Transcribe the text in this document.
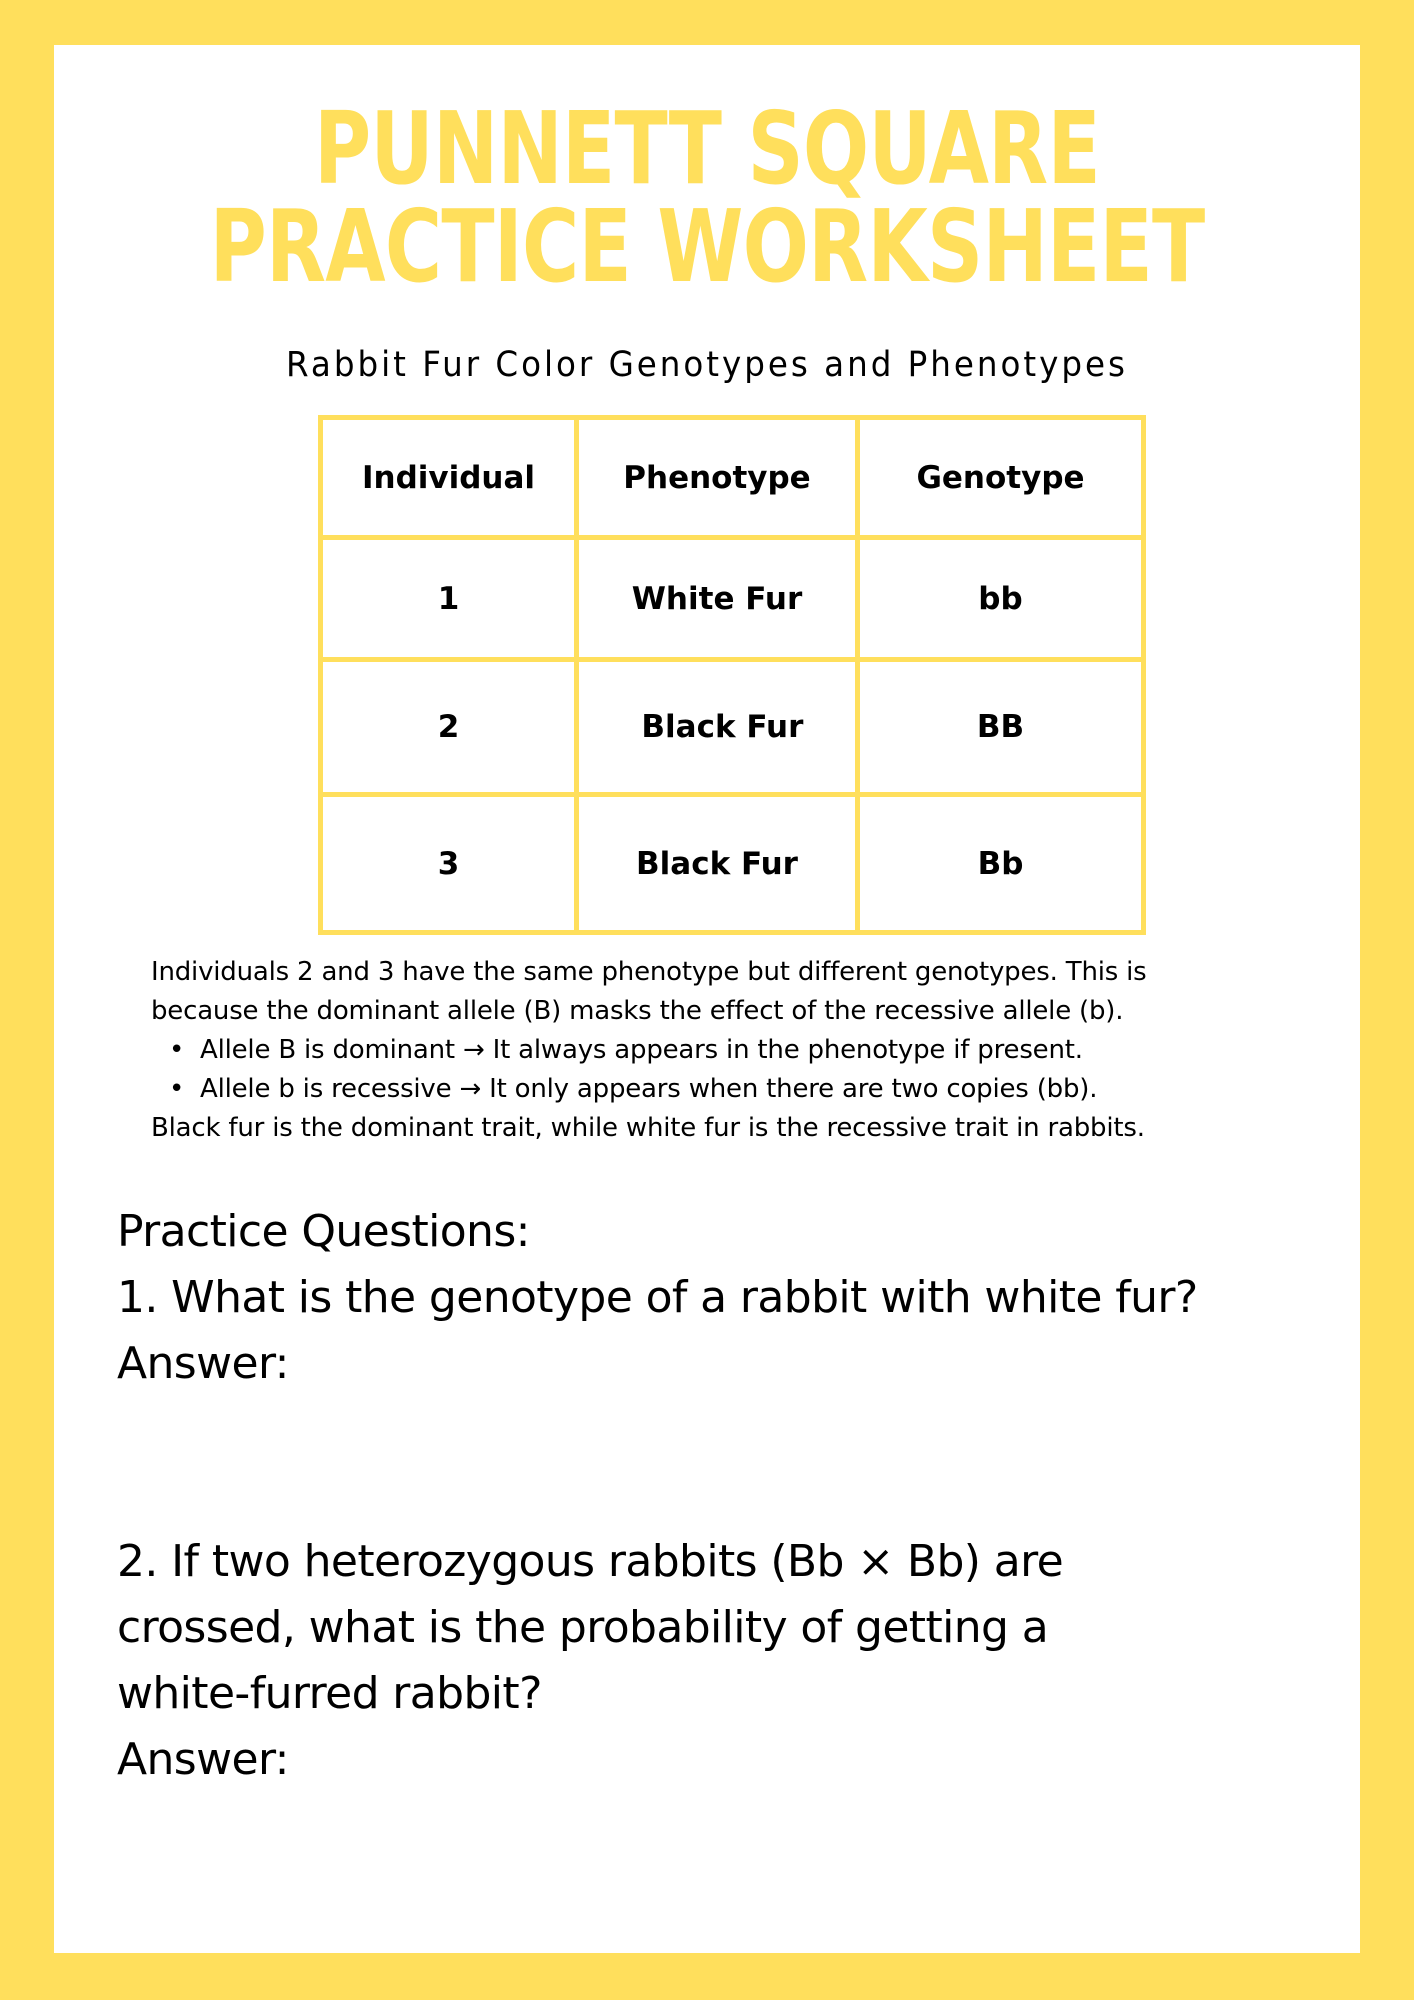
PUNNETT SQUARE
PRACTICE WORKSHEET
Rabbit Fur Color Genotypes and Phenotypes
Individual	Phenotype	Genotype
1	White Fur	bb
2	Black Fur	BB
3	Black Fur	Bb

Individuals 2 and 3 have the same phenotype but different genotypes. This is

because the dominant allele (B) masks the effect of the recessive allele (b).

• Allele B is dominant → It always appears in the phenotype if present.
• Allele b is recessive → It only appears when there are two copies (bb).

Black fur is the dominant trait, while white fur is the recessive trait in rabbits.

Practice Questions:
1. What is the genotype of a rabbit with white fur?
Answer:
2. If two heterozygous rabbits (Bb × Bb) are
crossed, what is the probability of getting a
white-furred rabbit?
Answer:
